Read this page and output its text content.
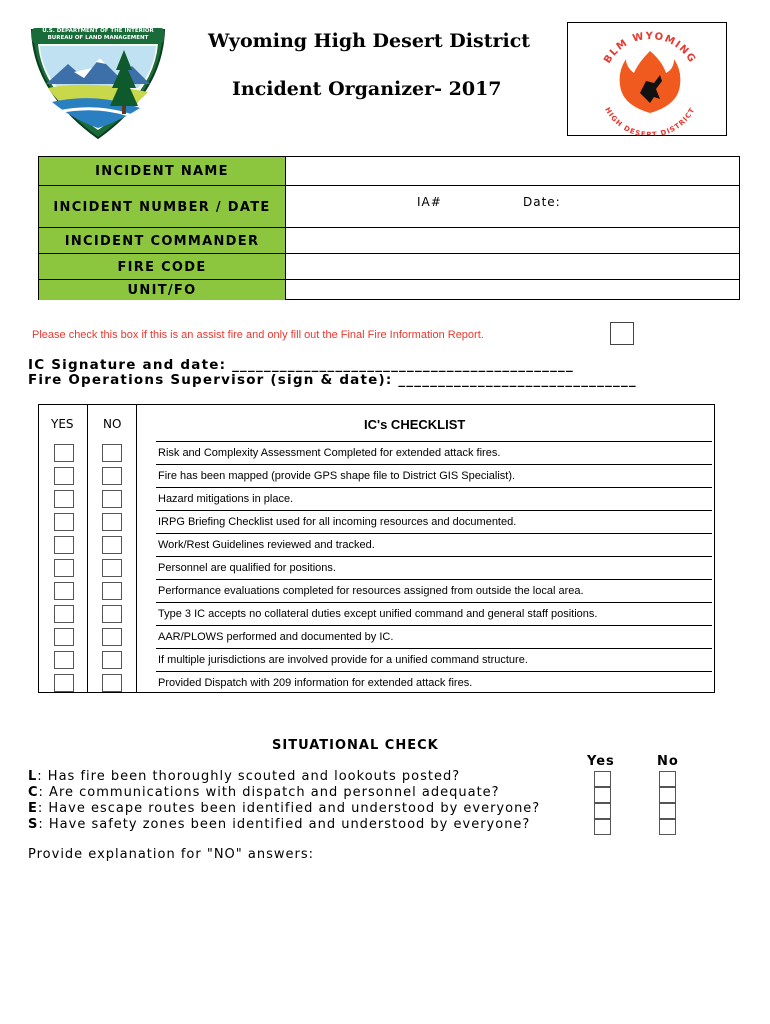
U.S. DEPARTMENT OF THE INTERIOR BUREAU OF LAND MANAGEMENT	Wyoming High Desert District
Incident Organizer- 2017
BLM WYOMING
HIGH DESERT DISTRICT
INCIDENT NAME
INCIDENT NUMBER / DATE	IA#	Date:
INCIDENT COMMANDER
FIRE CODE
UNIT/FO
Please check this box if this is an assist fire and only fill out the Final Fire Information Report.
IC Signature and date: ___________________________________________
Fire Operations Supervisor (sign & date): ______________________________
YES NO	IC's CHECKLIST
Risk and Complexity Assessment Completed for extended attack fires.
Fire has been mapped (provide GPS shape file to District GIS Specialist).
Hazard mitigations in place.
IRPG Briefing Checklist used for all incoming resources and documented.
Work/Rest Guidelines reviewed and tracked.
Personnel are qualified for positions.
Performance evaluations completed for resources assigned from outside the local area.
Type 3 IC accepts no collateral duties except unified command and general staff positions.
AAR/PLOWS performed and documented by IC.
If multiple jurisdictions are involved provide for a unified command structure.
Provided Dispatch with 209 information for extended attack fires.
SITUATIONAL CHECK
Yes	No
L: Has fire been thoroughly scouted and lookouts posted?
C: Are communications with dispatch and personnel adequate?
E: Have escape routes been identified and understood by everyone?
S: Have safety zones been identified and understood by everyone?
Provide explanation for "NO" answers:
